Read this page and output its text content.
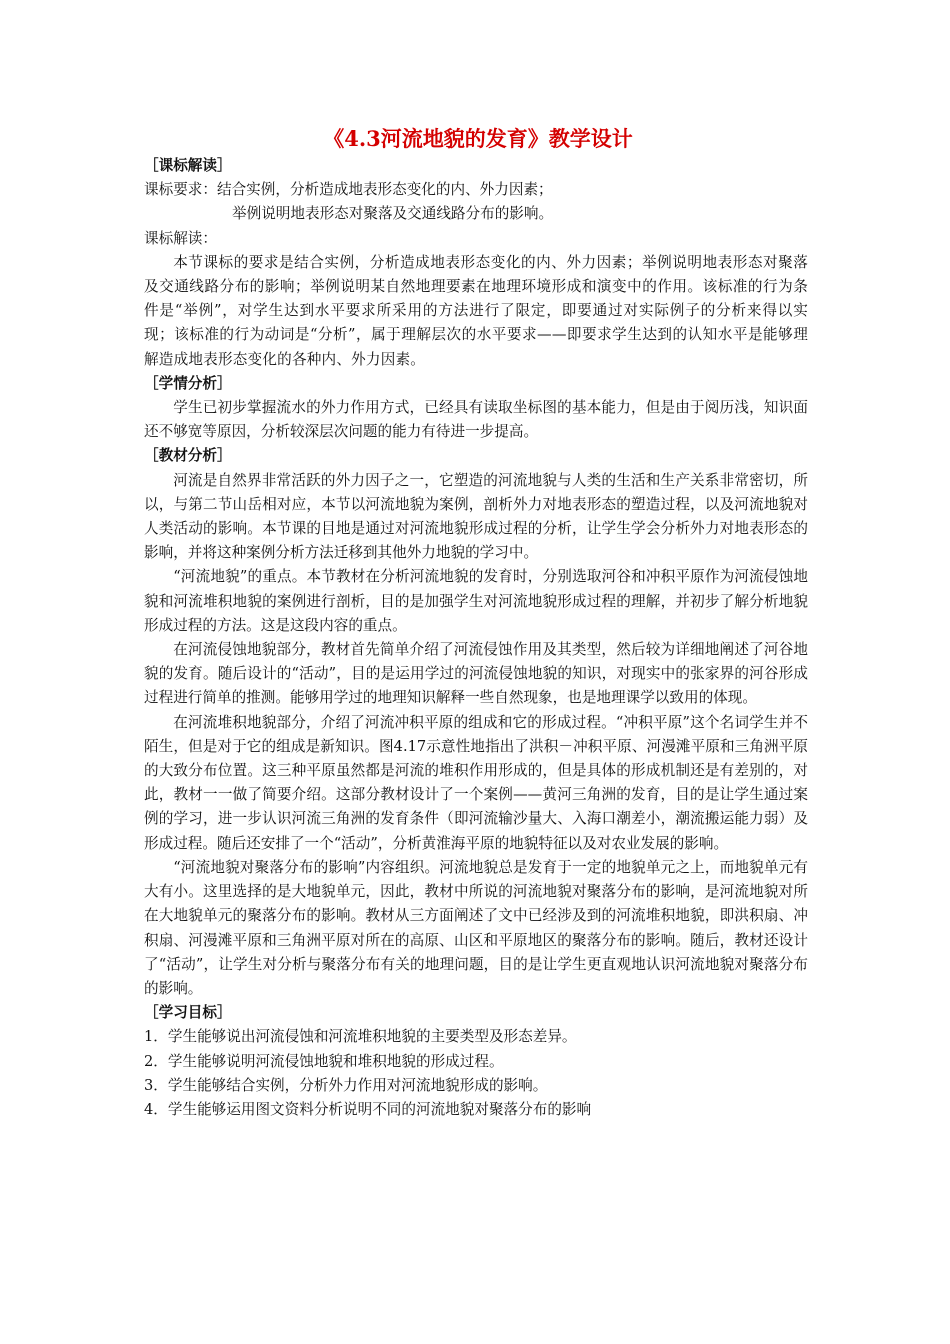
《4.3河流地貌的发育》教学设计

［课标解读］

课标要求：结合实例，分析造成地表形态变化的内、外力因素；

举例说明地表形态对聚落及交通线路分布的影响。

课标解读：

本节课标的要求是结合实例，分析造成地表形态变化的内、外力因素；举例说明地表形态对聚落及交通线路分布的影响；举例说明某自然地理要素在地理环境形成和演变中的作用。该标准的行为条件是“举例”，对学生达到水平要求所采用的方法进行了限定，即要通过对实际例子的分析来得以实现；该标准的行为动词是“分析”，属于理解层次的水平要求——即要求学生达到的认知水平是能够理解造成地表形态变化的各种内、外力因素。

［学情分析］

学生已初步掌握流水的外力作用方式，已经具有读取坐标图的基本能力，但是由于阅历浅，知识面还不够宽等原因，分析较深层次问题的能力有待进一步提高。

［教材分析］

河流是自然界非常活跃的外力因子之一，它塑造的河流地貌与人类的生活和生产关系非常密切，所以，与第二节山岳相对应，本节以河流地貌为案例，剖析外力对地表形态的塑造过程，以及河流地貌对人类活动的影响。本节课的目地是通过对河流地貌形成过程的分析，让学生学会分析外力对地表形态的影响，并将这种案例分析方法迁移到其他外力地貌的学习中。

“河流地貌”的重点。本节教材在分析河流地貌的发育时，分别选取河谷和冲积平原作为河流侵蚀地貌和河流堆积地貌的案例进行剖析，目的是加强学生对河流地貌形成过程的理解，并初步了解分析地貌形成过程的方法。这是这段内容的重点。

在河流侵蚀地貌部分，教材首先简单介绍了河流侵蚀作用及其类型，然后较为详细地阐述了河谷地貌的发育。随后设计的“活动”，目的是运用学过的河流侵蚀地貌的知识，对现实中的张家界的河谷形成过程进行简单的推测。能够用学过的地理知识解释一些自然现象，也是地理课学以致用的体现。

在河流堆积地貌部分，介绍了河流冲积平原的组成和它的形成过程。“冲积平原”这个名词学生并不陌生，但是对于它的组成是新知识。图4.17示意性地指出了洪积－冲积平原、河漫滩平原和三角洲平原的大致分布位置。这三种平原虽然都是河流的堆积作用形成的，但是具体的形成机制还是有差别的，对此，教材一一做了简要介绍。这部分教材设计了一个案例——黄河三角洲的发育，目的是让学生通过案例的学习，进一步认识河流三角洲的发育条件（即河流输沙量大、入海口潮差小，潮流搬运能力弱）及形成过程。随后还安排了一个“活动”，分析黄淮海平原的地貌特征以及对农业发展的影响。

“河流地貌对聚落分布的影响”内容组织。河流地貌总是发育于一定的地貌单元之上，而地貌单元有大有小。这里选择的是大地貌单元，因此，教材中所说的河流地貌对聚落分布的影响，是河流地貌对所在大地貌单元的聚落分布的影响。教材从三方面阐述了文中已经涉及到的河流堆积地貌，即洪积扇、冲积扇、河漫滩平原和三角洲平原对所在的高原、山区和平原地区的聚落分布的影响。随后，教材还设计了“活动”，让学生对分析与聚落分布有关的地理问题，目的是让学生更直观地认识河流地貌对聚落分布的影响。

［学习目标］

1．学生能够说出河流侵蚀和河流堆积地貌的主要类型及形态差异。

2．学生能够说明河流侵蚀地貌和堆积地貌的形成过程。

3．学生能够结合实例，分析外力作用对河流地貌形成的影响。

4．学生能够运用图文资料分析说明不同的河流地貌对聚落分布的影响
